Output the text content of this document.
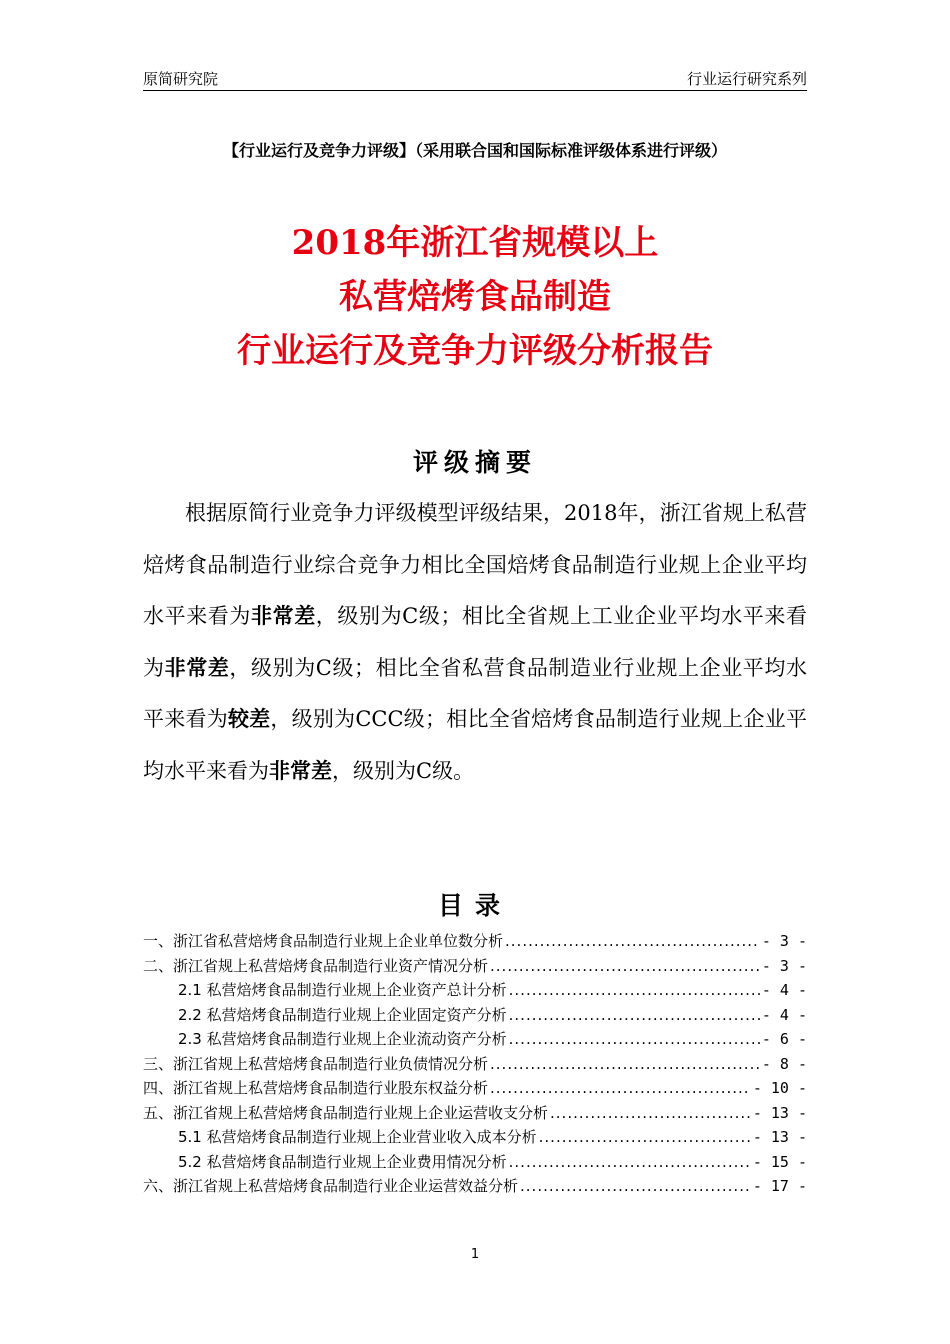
原简研究院	行业运行研究系列
【行业运行及竞争力评级】（采用联合国和国际标准评级体系进行评级）
2018年浙江省规模以上
私营焙烤食品制造
行业运行及竞争力评级分析报告
评级摘要

根据原简行业竞争力评级模型评级结果，2018年，浙江省规上私营焙烤食品制造行业综合竞争力相比全国焙烤食品制造行业规上企业平均水平来看为非常差，级别为C级；相比全省规上工业企业平均水平来看为非常差，级别为C级；相比全省私营食品制造业行业规上企业平均水平来看为较差，级别为CCC级；相比全省焙烤食品制造行业规上企业平均水平来看为非常差，级别为C级。

目录
一、浙江省私营焙烤食品制造行业规上企业单位数分析 .....	- 3 -
二、浙江省规上私营焙烤食品制造行业资产情况分析 .....	- 3 -
2.1 私营焙烤食品制造行业规上企业资产总计分析 .....	- 4 -
2.2 私营焙烤食品制造行业规上企业固定资产分析 .....	- 4 -
2.3 私营焙烤食品制造行业规上企业流动资产分析 .....	- 6 -
三、浙江省规上私营焙烤食品制造行业负债情况分析 .....	- 8 -
四、浙江省规上私营焙烤食品制造行业股东权益分析 .....	- 10 -
五、浙江省规上私营焙烤食品制造行业规上企业运营收支分析 .....	- 13 -
5.1 私营焙烤食品制造行业规上企业营业收入成本分析 .....	- 13 -
5.2 私营焙烤食品制造行业规上企业费用情况分析 .....	- 15 -
六、浙江省规上私营焙烤食品制造行业企业运营效益分析 .....	- 17 -
1
